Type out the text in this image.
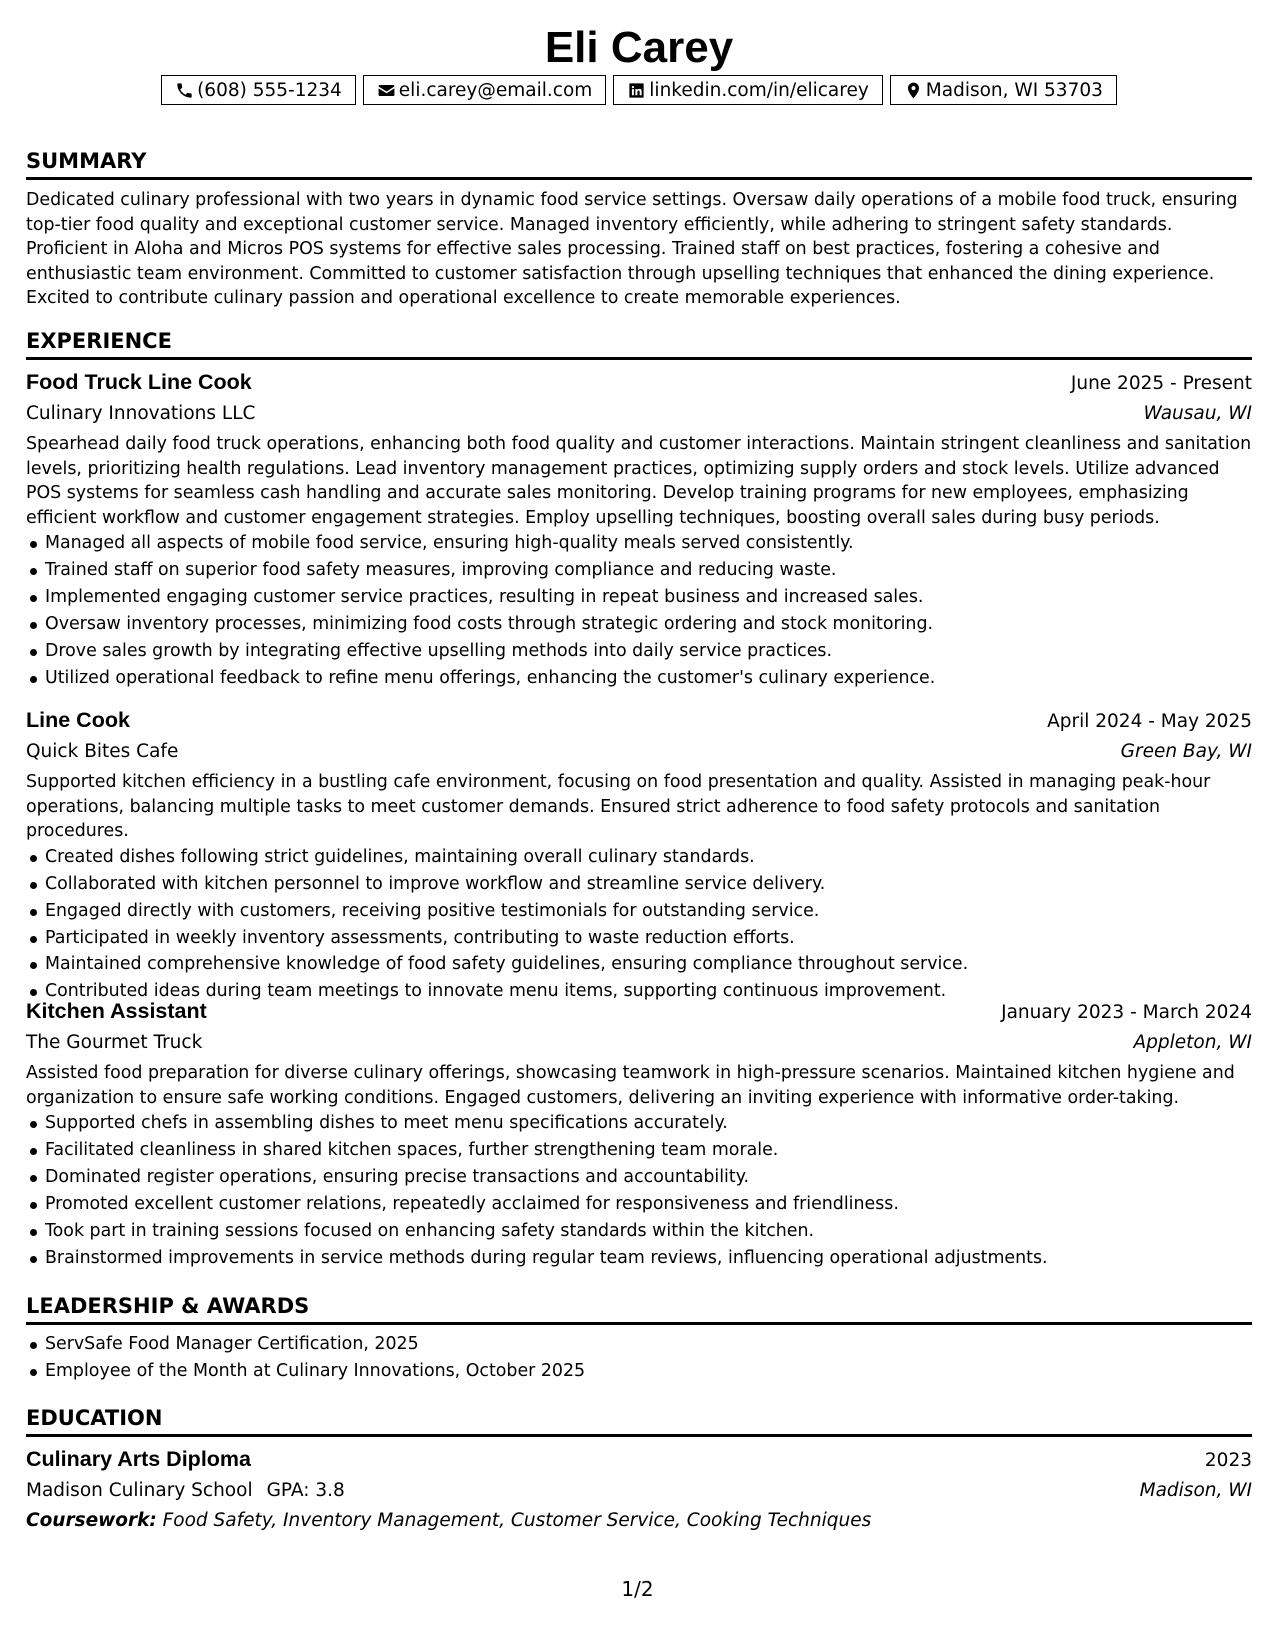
Eli Carey
(608) 555-1234	eli.carey@email.com	linkedin.com/in/elicarey	Madison, WI 53703
SUMMARY

Dedicated culinary professional with two years in dynamic food service settings. Oversaw daily operations of a mobile food truck, ensuring top-tier food quality and exceptional customer service. Managed inventory efficiently, while adhering to stringent safety standards. Proficient in Aloha and Micros POS systems for effective sales processing. Trained staff on best practices, fostering a cohesive and enthusiastic team environment. Committed to customer satisfaction through upselling techniques that enhanced the dining experience. Excited to contribute culinary passion and operational excellence to create memorable experiences.

EXPERIENCE
Food Truck Line Cook	June 2025 - Present
Culinary Innovations LLC	Wausau, WI

Spearhead daily food truck operations, enhancing both food quality and customer interactions. Maintain stringent cleanliness and sanitation levels, prioritizing health regulations. Lead inventory management practices, optimizing supply orders and stock levels. Utilize advanced POS systems for seamless cash handling and accurate sales monitoring. Develop training programs for new employees, emphasizing efficient workflow and customer engagement strategies. Employ upselling techniques, boosting overall sales during busy periods.

Managed all aspects of mobile food service, ensuring high-quality meals served consistently.
Trained staff on superior food safety measures, improving compliance and reducing waste.
Implemented engaging customer service practices, resulting in repeat business and increased sales.
Oversaw inventory processes, minimizing food costs through strategic ordering and stock monitoring.
Drove sales growth by integrating effective upselling methods into daily service practices.
Utilized operational feedback to refine menu offerings, enhancing the customer's culinary experience.
Line Cook	April 2024 - May 2025
Quick Bites Cafe	Green Bay, WI

Supported kitchen efficiency in a bustling cafe environment, focusing on food presentation and quality. Assisted in managing peak-hour operations, balancing multiple tasks to meet customer demands. Ensured strict adherence to food safety protocols and sanitation procedures.

Created dishes following strict guidelines, maintaining overall culinary standards.
Collaborated with kitchen personnel to improve workflow and streamline service delivery.
Engaged directly with customers, receiving positive testimonials for outstanding service.
Participated in weekly inventory assessments, contributing to waste reduction efforts.
Maintained comprehensive knowledge of food safety guidelines, ensuring compliance throughout service.
Contributed ideas during team meetings to innovate menu items, supporting continuous improvement.
Kitchen Assistant	January 2023 - March 2024
The Gourmet Truck	Appleton, WI

Assisted food preparation for diverse culinary offerings, showcasing teamwork in high-pressure scenarios. Maintained kitchen hygiene and organization to ensure safe working conditions. Engaged customers, delivering an inviting experience with informative order-taking.

Supported chefs in assembling dishes to meet menu specifications accurately.
Facilitated cleanliness in shared kitchen spaces, further strengthening team morale.
Dominated register operations, ensuring precise transactions and accountability.
Promoted excellent customer relations, repeatedly acclaimed for responsiveness and friendliness.
Took part in training sessions focused on enhancing safety standards within the kitchen.
Brainstormed improvements in service methods during regular team reviews, influencing operational adjustments.
LEADERSHIP & AWARDS
ServSafe Food Manager Certification, 2025
Employee of the Month at Culinary Innovations, October 2025
EDUCATION
Culinary Arts Diploma	2023
Madison Culinary School GPA: 3.8	Madison, WI
Coursework: Food Safety, Inventory Management, Customer Service, Cooking Techniques
1/2
